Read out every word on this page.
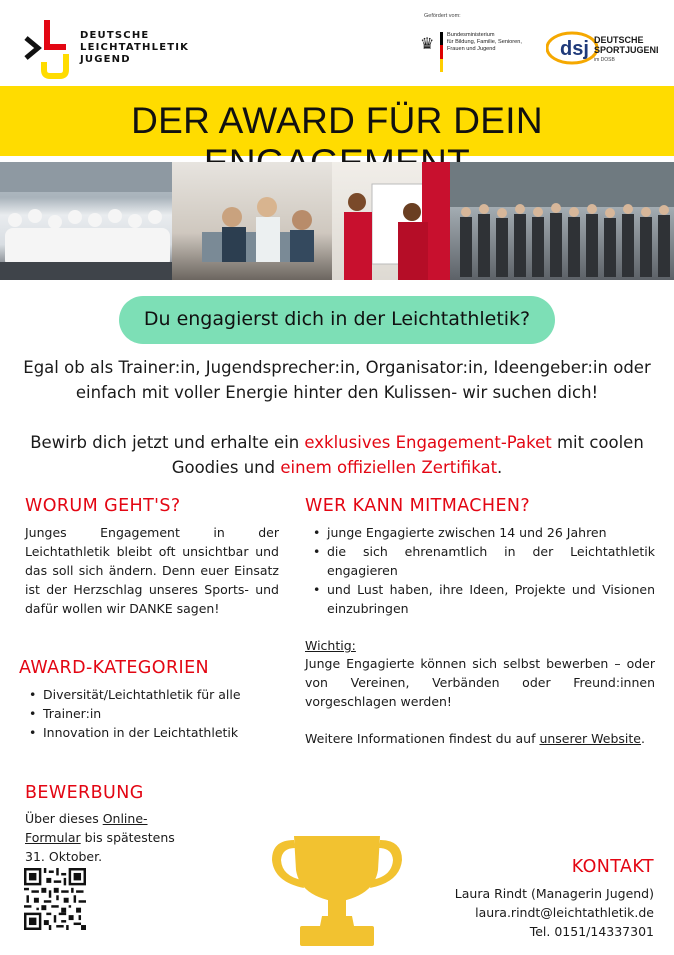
DEUTSCHE
LEICHTATHLETIK
JUGEND
Gefördert vom:
♛ Bundesministerium
für Bildung, Familie, Senioren,
Frauen und Jugend	dsj DEUTSCHE
SPORTJUGEND
im DOSB
DER AWARD FÜR DEIN
Du engagierst dich in der Leichtathletik?
Egal ob als Trainer:in, Jugendsprecher:in, Organisator:in, Ideengeber:in oder einfach mit voller Energie hinter den Kulissen- wir suchen dich!
Bewirb dich jetzt und erhalte ein exklusives Engagement-Paket mit coolen Goodies und einem offiziellen Zertifikat.
WORUM GEHT'S?
Junges Engagement in der Leichtathletik bleibt oft unsichtbar und das soll sich ändern. Denn euer Einsatz ist der Herzschlag unseres Sports- und dafür wollen wir DANKE sagen!
WER KANN MITMACHEN?
• junge Engagierte zwischen 14 und 26 Jahren
• die sich ehrenamtlich in der Leichtathletik engagieren
• und Lust haben, ihre Ideen, Projekte und Visionen einzubringen
Wichtig:
Junge Engagierte können sich selbst bewerben – oder von Vereinen, Verbänden oder Freund:innen vorgeschlagen werden!
Weitere Informationen findest du auf unserer Website.
AWARD-KATEGORIEN
• Diversität/Leichtathletik für alle
• Trainer:in
• Innovation in der Leichtathletik
BEWERBUNG
Über dieses Online-Formular bis spätestens
31. Oktober.
KONTAKT
Laura Rindt (Managerin Jugend)
laura.rindt@leichtathletik.de
Tel. 0151/14337301
